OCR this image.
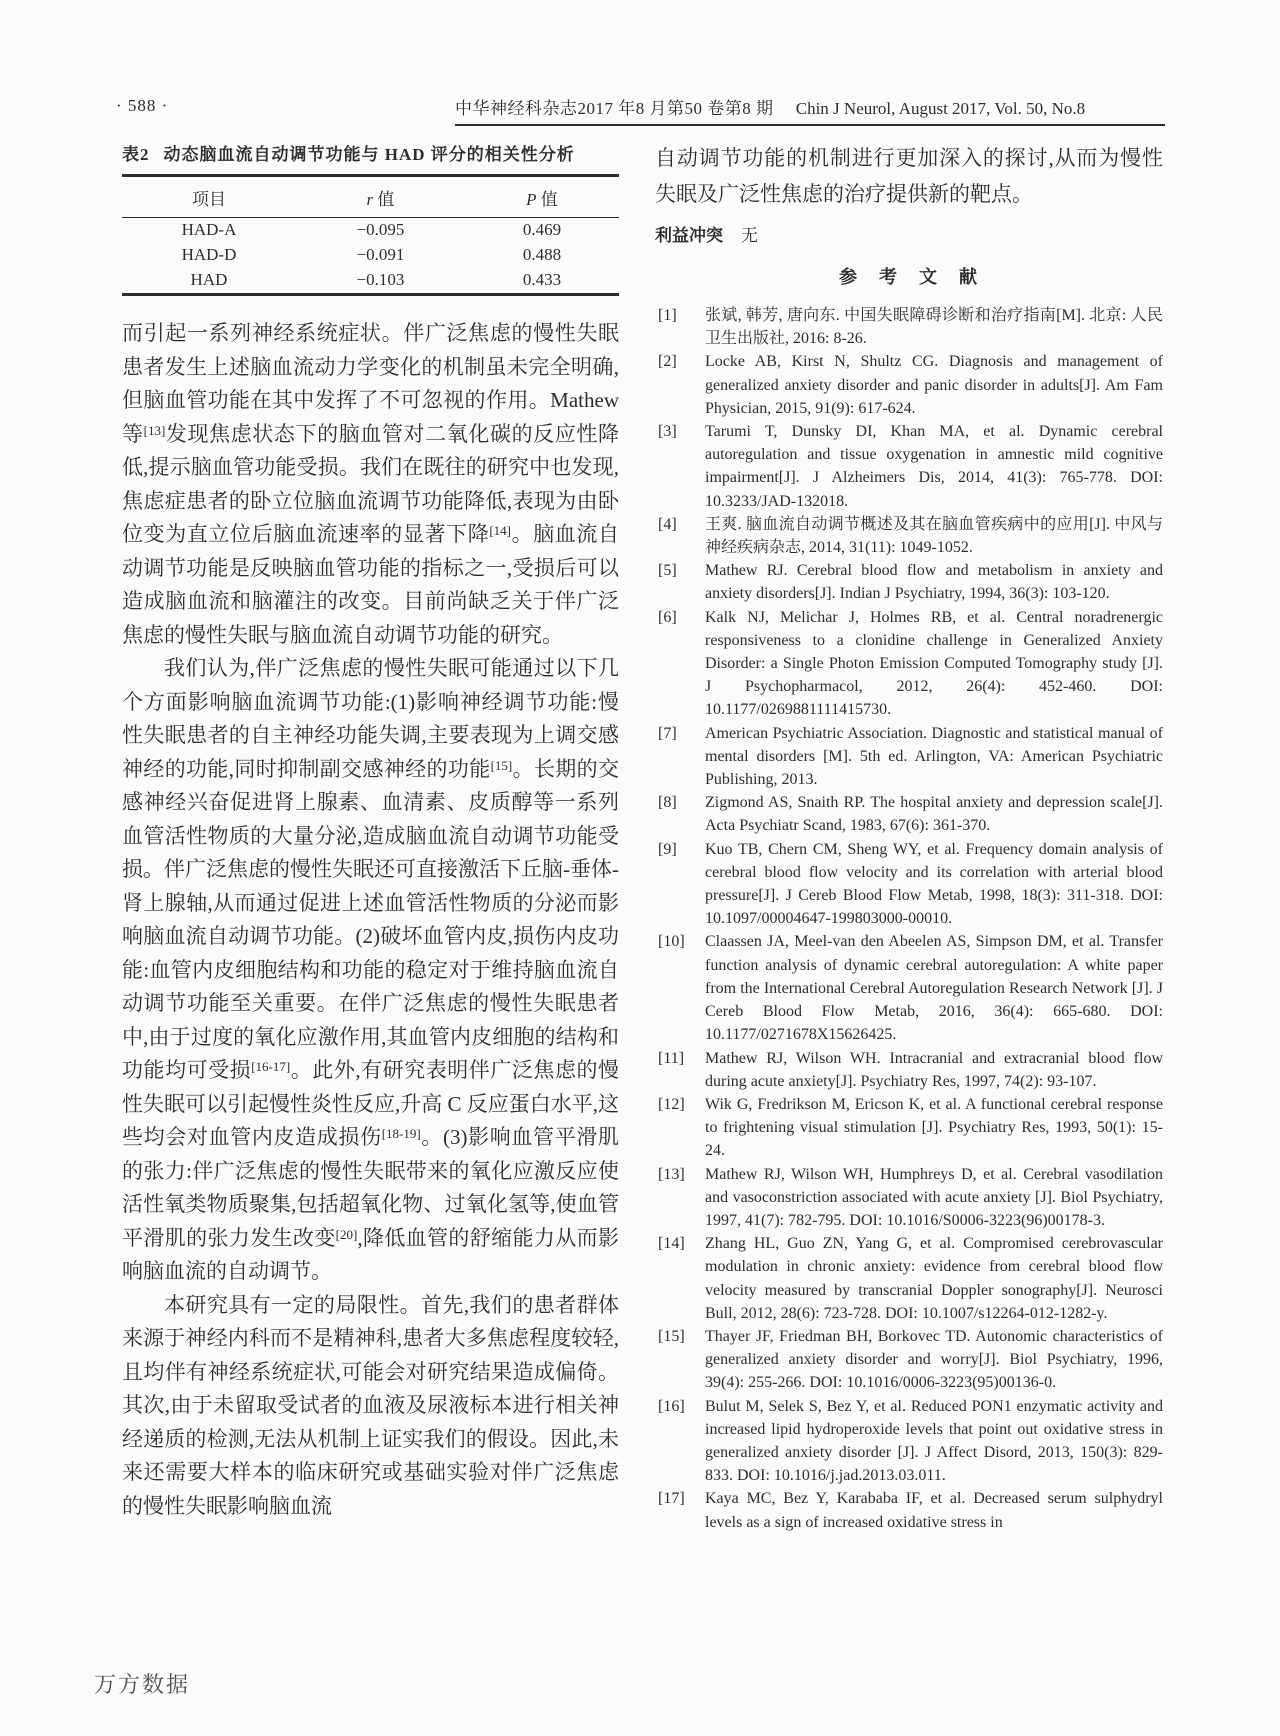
· 588 ·	中华神经科杂志2017 年8 月第50 卷第8 期 Chin J Neurol, August 2017, Vol. 50, No.8
表2 动态脑血流自动调节功能与 HAD 评分的相关性分析
项目	r 值	P 值
HAD-A	−0.095	0.469
HAD-D	−0.091	0.488
HAD	−0.103	0.433

而引起一系列神经系统症状。伴广泛焦虑的慢性失眠患者发生上述脑血流动力学变化的机制虽未完全明确,但脑血管功能在其中发挥了不可忽视的作用。Mathew 等[13]发现焦虑状态下的脑血管对二氧化碳的反应性降低,提示脑血管功能受损。我们在既往的研究中也发现,焦虑症患者的卧立位脑血流调节功能降低,表现为由卧位变为直立位后脑血流速率的显著下降[14]。脑血流自动调节功能是反映脑血管功能的指标之一,受损后可以造成脑血流和脑灌注的改变。目前尚缺乏关于伴广泛焦虑的慢性失眠与脑血流自动调节功能的研究。

我们认为,伴广泛焦虑的慢性失眠可能通过以下几个方面影响脑血流调节功能:(1)影响神经调节功能:慢性失眠患者的自主神经功能失调,主要表现为上调交感神经的功能,同时抑制副交感神经的功能[15]。长期的交感神经兴奋促进肾上腺素、血清素、皮质醇等一系列血管活性物质的大量分泌,造成脑血流自动调节功能受损。伴广泛焦虑的慢性失眠还可直接激活下丘脑-垂体-肾上腺轴,从而通过促进上述血管活性物质的分泌而影响脑血流自动调节功能。(2)破坏血管内皮,损伤内皮功能:血管内皮细胞结构和功能的稳定对于维持脑血流自动调节功能至关重要。在伴广泛焦虑的慢性失眠患者中,由于过度的氧化应激作用,其血管内皮细胞的结构和功能均可受损[16-17]。此外,有研究表明伴广泛焦虑的慢性失眠可以引起慢性炎性反应,升高 C 反应蛋白水平,这些均会对血管内皮造成损伤[18-19]。(3)影响血管平滑肌的张力:伴广泛焦虑的慢性失眠带来的氧化应激反应使活性氧类物质聚集,包括超氧化物、过氧化氢等,使血管平滑肌的张力发生改变[20],降低血管的舒缩能力从而影响脑血流的自动调节。

本研究具有一定的局限性。首先,我们的患者群体来源于神经内科而不是精神科,患者大多焦虑程度较轻,且均伴有神经系统症状,可能会对研究结果造成偏倚。其次,由于未留取受试者的血液及尿液标本进行相关神经递质的检测,无法从机制上证实我们的假设。因此,未来还需要大样本的临床研究或基础实验对伴广泛焦虑的慢性失眠影响脑血流

自动调节功能的机制进行更加深入的探讨,从而为慢性失眠及广泛性焦虑的治疗提供新的靶点。

利益冲突 无
参　考　文　献
[1] 张斌, 韩芳, 唐向东. 中国失眠障碍诊断和治疗指南[M]. 北京: 人民卫生出版社, 2016: 8-26.
[2] Locke AB, Kirst N, Shultz CG. Diagnosis and management of generalized anxiety disorder and panic disorder in adults[J]. Am Fam Physician, 2015, 91(9): 617-624.
[3] Tarumi T, Dunsky DI, Khan MA, et al. Dynamic cerebral autoregulation and tissue oxygenation in amnestic mild cognitive impairment[J]. J Alzheimers Dis, 2014, 41(3): 765-778. DOI: 10.3233/JAD-132018.
[4] 王爽. 脑血流自动调节概述及其在脑血管疾病中的应用[J]. 中风与神经疾病杂志, 2014, 31(11): 1049-1052.
[5] Mathew RJ. Cerebral blood flow and metabolism in anxiety and anxiety disorders[J]. Indian J Psychiatry, 1994, 36(3): 103-120.
[6] Kalk NJ, Melichar J, Holmes RB, et al. Central noradrenergic responsiveness to a clonidine challenge in Generalized Anxiety Disorder: a Single Photon Emission Computed Tomography study [J]. J Psychopharmacol, 2012, 26(4): 452-460. DOI: 10.1177/0269881111415730.
[7] American Psychiatric Association. Diagnostic and statistical manual of mental disorders [M]. 5th ed. Arlington, VA: American Psychiatric Publishing, 2013.
[8] Zigmond AS, Snaith RP. The hospital anxiety and depression scale[J]. Acta Psychiatr Scand, 1983, 67(6): 361-370.
[9] Kuo TB, Chern CM, Sheng WY, et al. Frequency domain analysis of cerebral blood flow velocity and its correlation with arterial blood pressure[J]. J Cereb Blood Flow Metab, 1998, 18(3): 311-318. DOI: 10.1097/00004647-199803000-00010.
[10] Claassen JA, Meel-van den Abeelen AS, Simpson DM, et al. Transfer function analysis of dynamic cerebral autoregulation: A white paper from the International Cerebral Autoregulation Research Network [J]. J Cereb Blood Flow Metab, 2016, 36(4): 665-680. DOI: 10.1177/0271678X15626425.
[11] Mathew RJ, Wilson WH. Intracranial and extracranial blood flow during acute anxiety[J]. Psychiatry Res, 1997, 74(2): 93-107.
[12] Wik G, Fredrikson M, Ericson K, et al. A functional cerebral response to frightening visual stimulation [J]. Psychiatry Res, 1993, 50(1): 15-24.
[13] Mathew RJ, Wilson WH, Humphreys D, et al. Cerebral vasodilation and vasoconstriction associated with acute anxiety [J]. Biol Psychiatry, 1997, 41(7): 782-795. DOI: 10.1016/S0006-3223(96)00178-3.
[14] Zhang HL, Guo ZN, Yang G, et al. Compromised cerebrovascular modulation in chronic anxiety: evidence from cerebral blood flow velocity measured by transcranial Doppler sonography[J]. Neurosci Bull, 2012, 28(6): 723-728. DOI: 10.1007/s12264-012-1282-y.
[15] Thayer JF, Friedman BH, Borkovec TD. Autonomic characteristics of generalized anxiety disorder and worry[J]. Biol Psychiatry, 1996, 39(4): 255-266. DOI: 10.1016/0006-3223(95)00136-0.
[16] Bulut M, Selek S, Bez Y, et al. Reduced PON1 enzymatic activity and increased lipid hydroperoxide levels that point out oxidative stress in generalized anxiety disorder [J]. J Affect Disord, 2013, 150(3): 829-833. DOI: 10.1016/j.jad.2013.03.011.
[17] Kaya MC, Bez Y, Karababa IF, et al. Decreased serum sulphydryl levels as a sign of increased oxidative stress in
万方数据
